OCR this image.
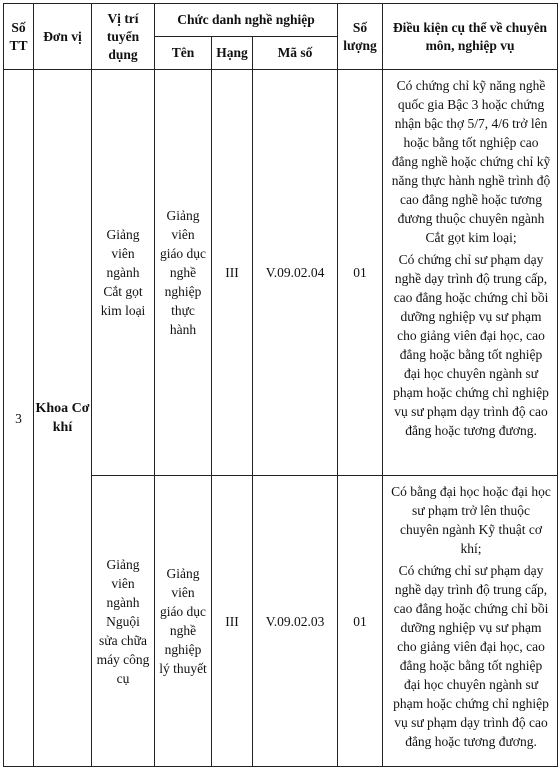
Số TT	Đơn vị	Vị trí tuyển dụng	Chức danh nghề nghiệp			Số lượng	Điều kiện cụ thể về chuyên môn, nghiệp vụ
			Tên	Hạng	Mã số		
3	Khoa Cơ khí	Giảng viên ngành Cắt gọt kim loại	Giảng viên giáo dục nghề nghiệp thực hành	III	V.09.02.04	01	Có chứng chỉ kỹ năng nghề quốc gia Bậc 3 hoặc chứng nhận bậc thợ 5/7, 4/6 trở lên hoặc bằng tốt nghiệp cao đẳng nghề hoặc chứng chỉ kỹ năng thực hành nghề trình độ cao đẳng nghề hoặc tương đương thuộc chuyên ngành Cắt gọt kim loại;

Có chứng chỉ sư phạm dạy nghề dạy trình độ trung cấp, cao đẳng hoặc chứng chỉ bồi dưỡng nghiệp vụ sư phạm cho giảng viên đại học, cao đẳng hoặc bằng tốt nghiệp đại học chuyên ngành sư phạm hoặc chứng chỉ nghiệp vụ sư phạm dạy trình độ cao đẳng hoặc tương đương.

		Giảng viên ngành Nguội sửa chữa máy công cụ	Giảng viên giáo dục nghề nghiệp lý thuyết	III	V.09.02.03	01	Có bằng đại học hoặc đại học sư phạm trở lên thuộc chuyên ngành Kỹ thuật cơ khí;

Có chứng chỉ sư phạm dạy nghề dạy trình độ trung cấp, cao đẳng hoặc chứng chỉ bồi dưỡng nghiệp vụ sư phạm cho giảng viên đại học, cao đẳng hoặc bằng tốt nghiệp đại học chuyên ngành sư phạm hoặc chứng chỉ nghiệp vụ sư phạm dạy trình độ cao đẳng hoặc tương đương.
